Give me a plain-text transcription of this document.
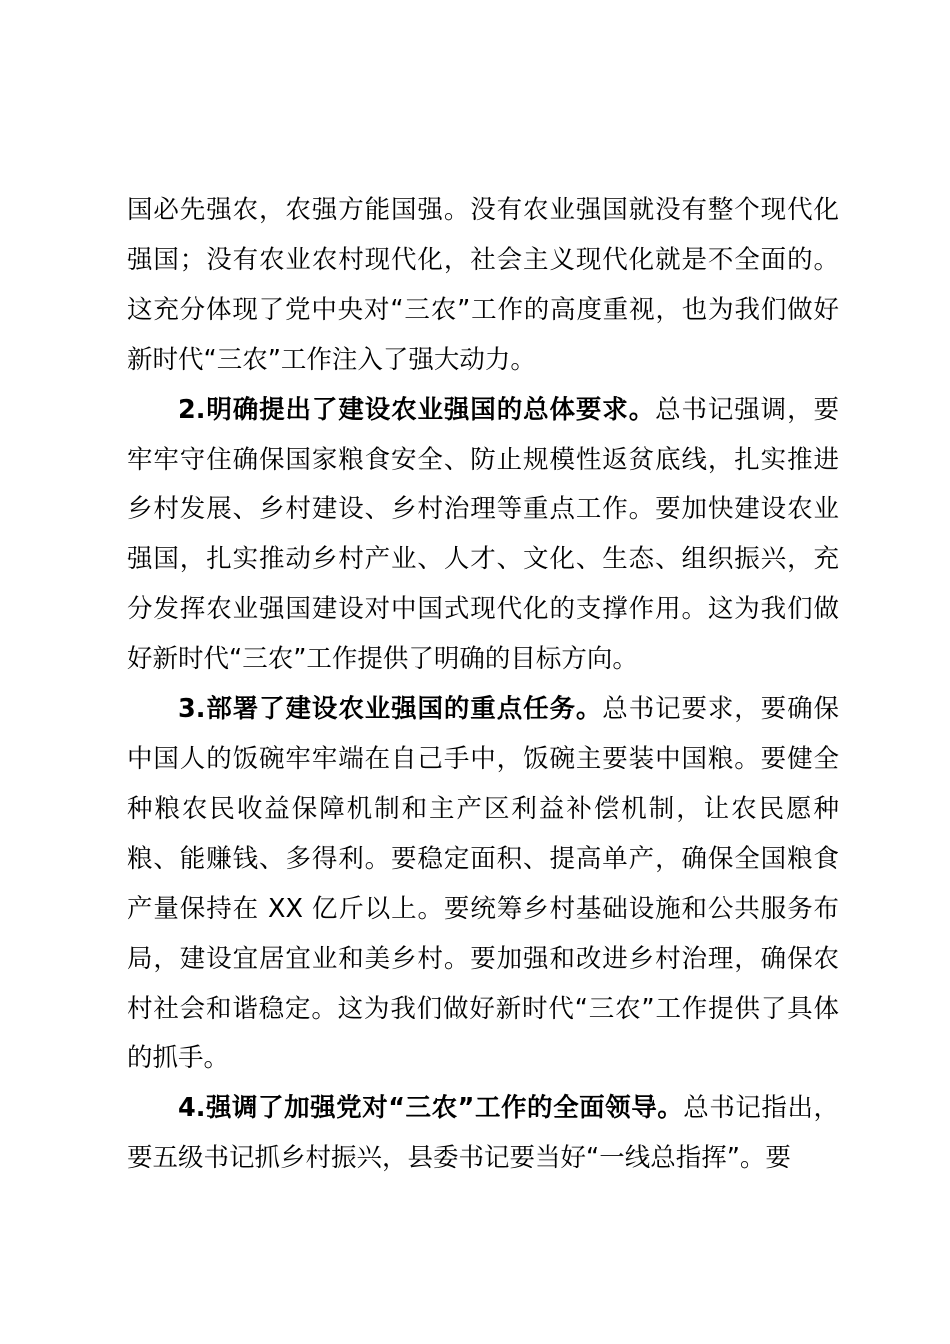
国必先强农，农强方能国强。没有农业强国就没有整个现代化强国；没有农业农村现代化，社会主义现代化就是不全面的。这充分体现了党中央对“三农”工作的高度重视，也为我们做好新时代“三农”工作注入了强大动力。

2.明确提出了建设农业强国的总体要求。总书记强调，要牢牢守住确保国家粮食安全、防止规模性返贫底线，扎实推进乡村发展、乡村建设、乡村治理等重点工作。要加快建设农业强国，扎实推动乡村产业、人才、文化、生态、组织振兴，充分发挥农业强国建设对中国式现代化的支撑作用。这为我们做好新时代“三农”工作提供了明确的目标方向。

3.部署了建设农业强国的重点任务。总书记要求，要确保中国人的饭碗牢牢端在自己手中，饭碗主要装中国粮。要健全种粮农民收益保障机制和主产区利益补偿机制，让农民愿种粮、能赚钱、多得利。要稳定面积、提高单产，确保全国粮食产量保持在 XX 亿斤以上。要统筹乡村基础设施和公共服务布局，建设宜居宜业和美乡村。要加强和改进乡村治理，确保农村社会和谐稳定。这为我们做好新时代“三农”工作提供了具体的抓手。

4.强调了加强党对“三农”工作的全面领导。总书记指出，要五级书记抓乡村振兴，县委书记要当好“一线总指挥”。要
